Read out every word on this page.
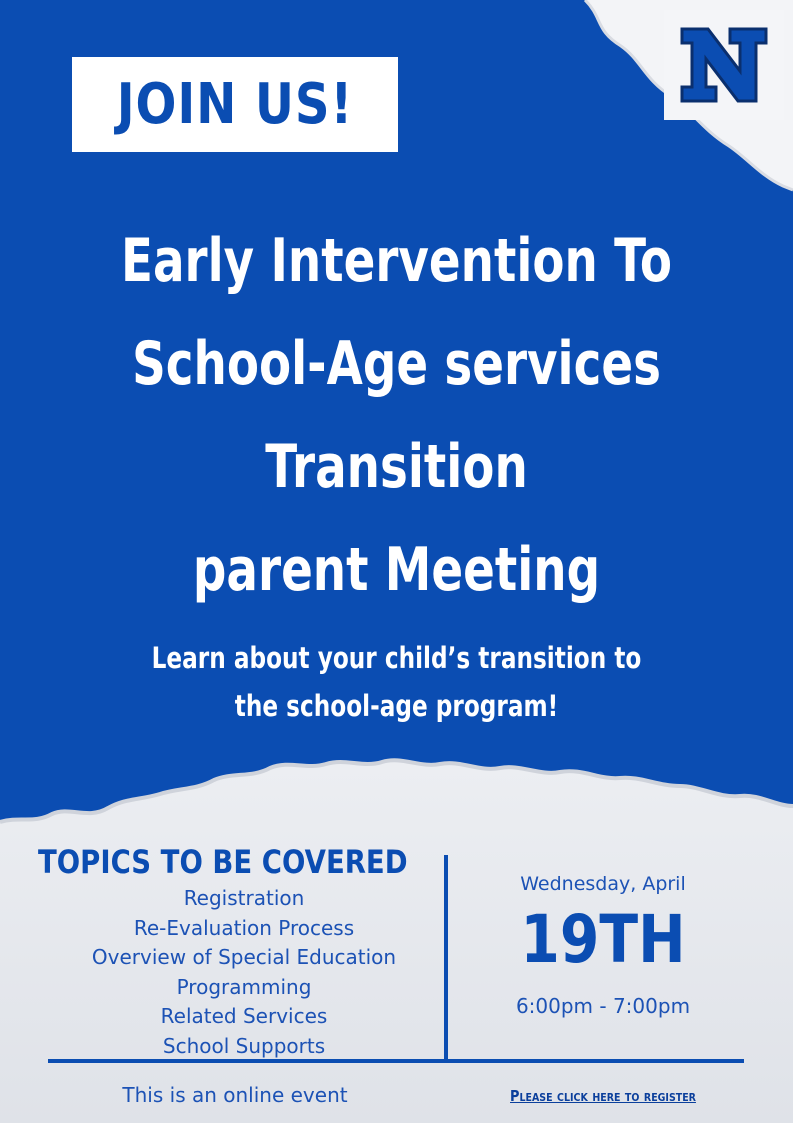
JOIN US!
Early Intervention To
School-Age services
Transition
parent Meeting
Learn about your child’s transition to
the school-age program!
TOPICS TO BE COVERED
Registration
Re-Evaluation Process
Overview of Special Education
Programming
Related Services
School Supports
Wednesday, April
19TH
6:00pm - 7:00pm
This is an online event	Please click here to register
